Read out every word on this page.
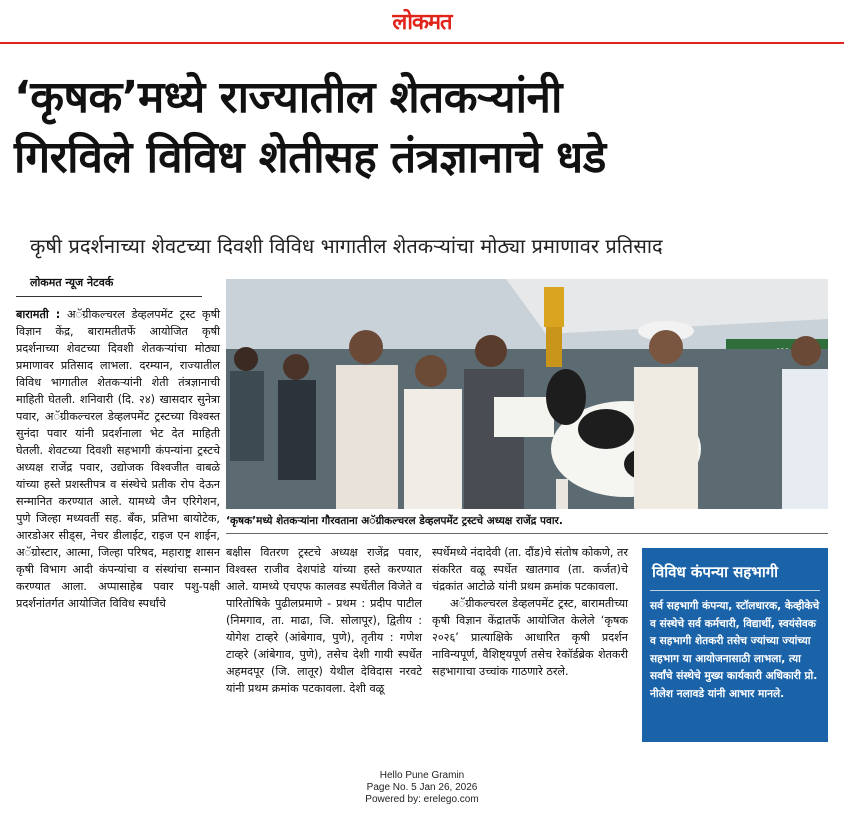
लोकमत
‘कृषक’मध्ये राज्यातील शेतकऱ्यांनी
गिरविले विविध शेतीसह तंत्रज्ञानाचे धडे
कृषी प्रदर्शनाच्या शेवटच्या दिवशी विविध भागातील शेतकऱ्यांचा मोठ्या प्रमाणावर प्रतिसाद
लोकमत न्यूज नेटवर्क
बारामती : अॅग्रीकल्चरल डेव्हलपमेंट ट्रस्ट कृषी विज्ञान केंद्र, बारामतीतर्फे आयोजित कृषी प्रदर्शनाच्या शेवटच्या दिवशी शेतकऱ्यांचा मोठ्या प्रमाणावर प्रतिसाद लाभला. दरम्यान, राज्यातील विविध भागातील शेतकऱ्यांनी शेती तंत्रज्ञानाची माहिती घेतली. शनिवारी (दि. २४) खासदार सुनेत्रा पवार, अॅग्रीकल्चरल डेव्हलपमेंट ट्रस्टच्या विश्वस्त सुनंदा पवार यांनी प्रदर्शनाला भेट देत माहिती घेतली. शेवटच्या दिवशी सहभागी कंपन्यांना ट्रस्टचे अध्यक्ष राजेंद्र पवार, उद्योजक विश्वजीत वाबळे यांच्या हस्ते प्रशस्तीपत्र व संस्थेचे प्रतीक रोप देऊन सन्मानित करण्यात आले. यामध्ये जैन एरिगेशन, पुणे जिल्हा मध्यवर्ती सह. बँक, प्रतिभा बायोटेक, आरडोअर सीड्स, नेचर डीलाईट, राइज एन शाईन, अॅग्रोस्टार, आत्मा, जिल्हा परिषद, महाराष्ट्र शासन कृषी विभाग आदी कंपन्यांचा व संस्थांचा सन्मान करण्यात आला. अप्पासाहेब पवार पशु-पक्षी प्रदर्शनांतर्गत आयोजित विविध स्पर्धांचे
‘कृषक’मध्ये शेतकऱ्यांना गौरवताना अॅग्रीकल्चरल डेव्हलपमेंट ट्रस्टचे अध्यक्ष राजेंद्र पवार.
बक्षीस वितरण ट्रस्टचे अध्यक्ष राजेंद्र पवार, विश्वस्त राजीव देशपांडे यांच्या हस्ते करण्यात आले. यामध्ये एचएफ कालवड स्पर्धेतील विजेते व पारितोषिके पुढीलप्रमाणे - प्रथम : प्रदीप पाटील (निमगाव, ता. माढा, जि. सोलापूर), द्वितीय : योगेश टाव्हरे (आंबेगाव, पुणे), तृतीय : गणेश टाव्हरे (आंबेगाव, पुणे), तसेच देशी गायी स्पर्धेत अहमदपूर (जि. लातूर) येथील देविदास नरवटे यांनी प्रथम क्रमांक पटकावला. देशी वळू

स्पर्धेमध्ये नंदादेवी (ता. दौंड)चे संतोष कोकणे, तर संकरित वळू स्पर्धेत खातगाव (ता. कर्जत)चे चंद्रकांत आटोळे यांनी प्रथम क्रमांक पटकावला.

अॅग्रीकल्चरल डेव्हलपमेंट ट्रस्ट, बारामतीच्या कृषी विज्ञान केंद्रातर्फे आयोजित केलेले ‘कृषक २०२६’ प्रात्याक्षिके आधारित कृषी प्रदर्शन नाविन्यपूर्ण, वैशिष्ट्यपूर्ण तसेच रेकॉर्डब्रेक शेतकरी सहभागाचा उच्चांक गाठणारे ठरले.

विविध कंपन्या सहभागी
सर्व सहभागी कंपन्या, स्टॉलधारक, केव्हीकेचे व संस्थेचे सर्व कर्मचारी, विद्यार्थी, स्वयंसेवक व सहभागी शेतकरी तसेच ज्यांच्या ज्यांच्या सहभाग या आयोजनासाठी लाभला, त्या सर्वांचे संस्थेचे मुख्य कार्यकारी अधिकारी प्रो. नीलेश नलावडे यांनी आभार मानले.
Hello Pune Gramin
Page No. 5 Jan 26, 2026
Powered by: erelego.com
